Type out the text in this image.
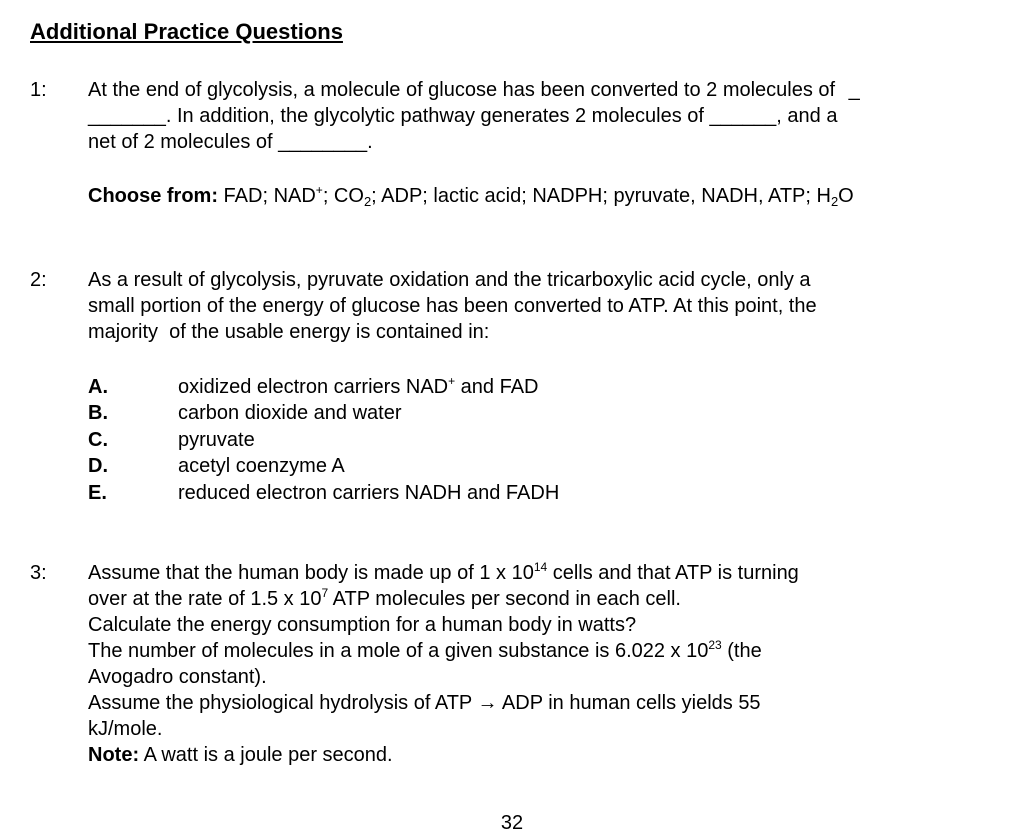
Additional Practice Questions
1: At the end of glycolysis, a molecule of glucose has been converted to 2 molecules of _
_______. In addition, the glycolytic pathway generates 2 molecules of ______, and a
net of 2 molecules of ________.
Choose from: FAD; NAD+; $CO_2$; ADP; lactic acid; NADPH; pyruvate, NADH, ATP; $H_2O$
2: As a result of glycolysis, pyruvate oxidation and the tricarboxylic acid cycle, only a
small portion of the energy of glucose has been converted to ATP. At this point, the
majority  of the usable energy is contained in:
A.	oxidized electron carriers NAD+ and FAD
B.	carbon dioxide and water
C.	pyruvate
D.	acetyl coenzyme A
E.	reduced electron carriers NADH and FADH
3: Assume that the human body is made up of 1 x $10^{14}$ cells and that ATP is turning
over at the rate of 1.5 x $10^7$ ATP molecules per second in each cell.
Calculate the energy consumption for a human body in watts?
The number of molecules in a mole of a given substance is 6.022 x $10^{23}$ (the
Avogadro constant).
Assume the physiological hydrolysis of ATP → ADP in human cells yields 55
kJ/mole.
Note: A watt is a joule per second.
32
